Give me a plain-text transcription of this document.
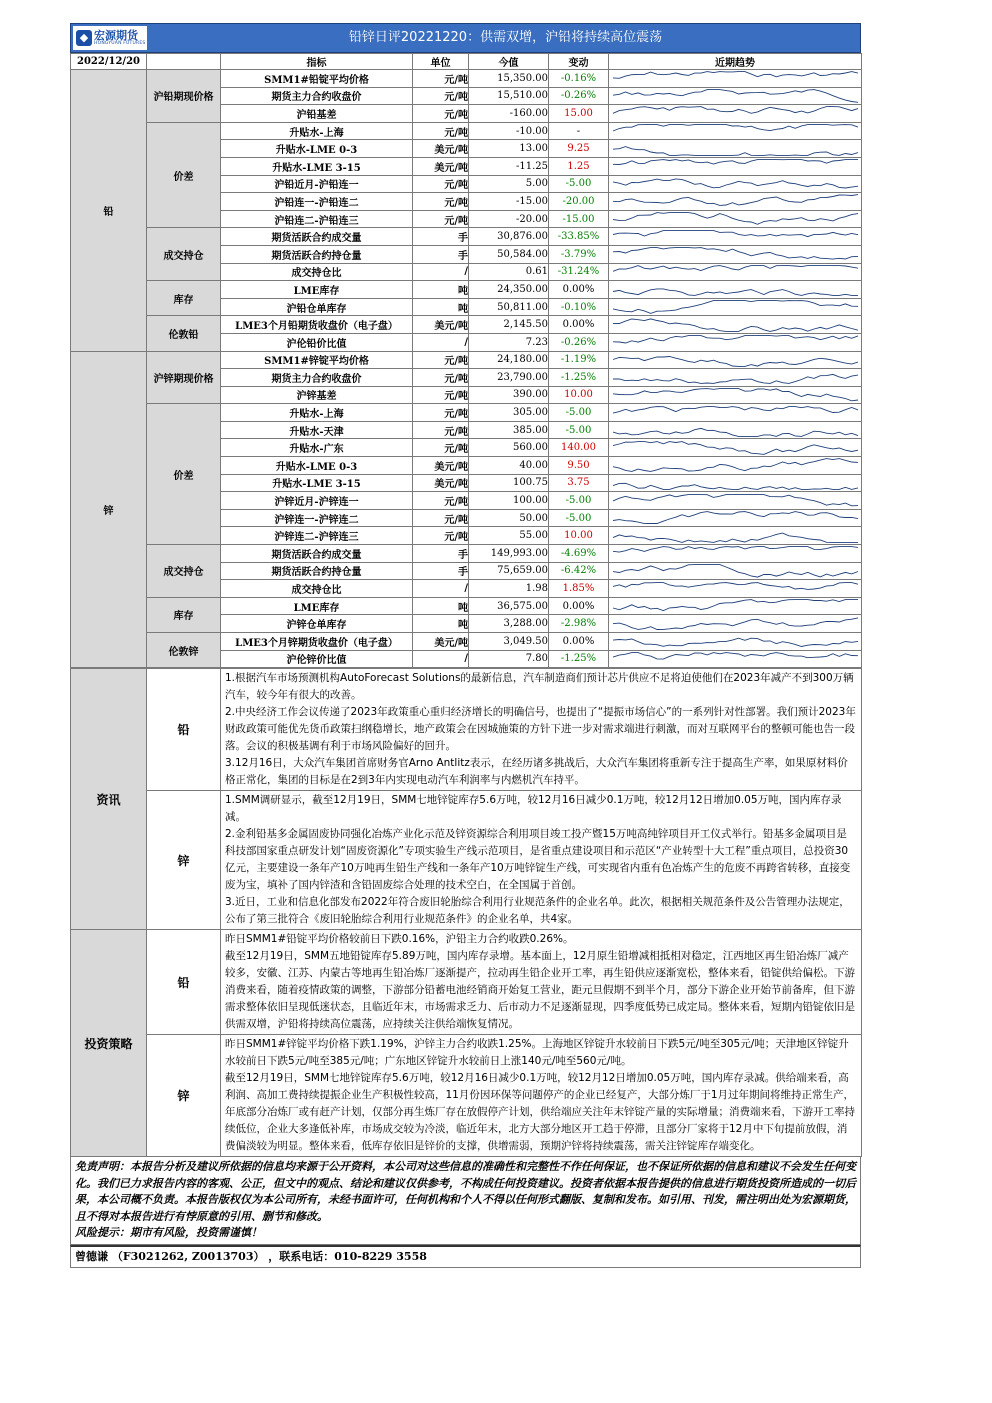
◆ 宏源期货
HONGYUAN FUTURES	铅锌日评20221220：供需双增，沪铅将持续高位震荡
2022/12/20		指标	单位	今值	变动	近期趋势
铅	沪铅期现价格	SMM1#铅锭平均价格	元/吨	15,350.00	-0.16%	

		期货主力合约收盘价	元/吨	15,510.00	-0.26%	

		沪铅基差	元/吨	-160.00	15.00	

	价差	升贴水-上海	元/吨	-10.00	-	

		升贴水-LME 0-3	美元/吨	13.00	9.25	

		升贴水-LME 3-15	美元/吨	-11.25	1.25	

		沪铅近月-沪铅连一	元/吨	5.00	-5.00	

		沪铅连一-沪铅连二	元/吨	-15.00	-20.00	

		沪铅连二-沪铅连三	元/吨	-20.00	-15.00	

	成交持仓	期货活跃合约成交量	手	30,876.00	-33.85%	

		期货活跃合约持仓量	手	50,584.00	-3.79%	

		成交持仓比	/	0.61	-31.24%	

	库存	LME库存	吨	24,350.00	0.00%	

		沪铅仓单库存	吨	50,811.00	-0.10%	

	伦敦铅	LME3个月铅期货收盘价（电子盘）	美元/吨	2,145.50	0.00%	

		沪伦铅价比值	/	7.23	-0.26%	

锌	沪锌期现价格	SMM1#锌锭平均价格	元/吨	24,180.00	-1.19%	

		期货主力合约收盘价	元/吨	23,790.00	-1.25%	

		沪锌基差	元/吨	390.00	10.00	

	价差	升贴水-上海	元/吨	305.00	-5.00	

		升贴水-天津	元/吨	385.00	-5.00	

		升贴水-广东	元/吨	560.00	140.00	

		升贴水-LME 0-3	美元/吨	40.00	9.50	

		升贴水-LME 3-15	美元/吨	100.75	3.75	

		沪锌近月-沪锌连一	元/吨	100.00	-5.00	

		沪锌连一-沪锌连二	元/吨	50.00	-5.00	

		沪锌连二-沪锌连三	元/吨	55.00	10.00	

	成交持仓	期货活跃合约成交量	手	149,993.00	-4.69%	

		期货活跃合约持仓量	手	75,659.00	-6.42%	

		成交持仓比	/	1.98	1.85%	

	库存	LME库存	吨	36,575.00	0.00%	

		沪锌仓单库存	吨	3,288.00	-2.98%	

	伦敦锌	LME3个月锌期货收盘价（电子盘）	美元/吨	3,049.50	0.00%	

		沪伦锌价比值	/	7.80	-1.25%	
资讯	铅	1.根据汽车市场预测机构AutoForecast Solutions的最新信息，汽车制造商们预计芯片供应不足将迫使他们在2023年减产不到300万辆汽车，较今年有很大的改善。

2.中央经济工作会议传递了2023年政策重心重归经济增长的明确信号，也提出了“提振市场信心”的一系列针对性部署。我们预计2023年财政政策可能优先货币政策扫纲稳增长，地产政策会在因城施策的方针下进一步对需求端进行刺激，而对互联网平台的整顿可能也告一段落。会议的积极基调有利于市场风险偏好的回升。

3.12月16日，大众汽车集团首席财务官Arno Antlitz表示，在经历诸多挑战后，大众汽车集团将重新专注于提高生产率，如果原材料价格正常化，集团的目标是在2到3年内实现电动汽车利润率与内燃机汽车持平。

	锌	1.SMM调研显示，截至12月19日，SMM七地锌锭库存5.6万吨，较12月16日减少0.1万吨，较12月12日增加0.05万吨，国内库存录减。

2.金利铅基多金属固废协同强化冶炼产业化示范及锌资源综合利用项目竣工投产暨15万吨高纯锌项目开工仪式举行。铅基多金属项目是科技部国家重点研发计划“固废资源化”专项实验生产线示范项目，是省重点建设项目和示范区“产业转型十大工程”重点项目，总投资30亿元，主要建设一条年产10万吨再生铅生产线和一条年产10万吨锌锭生产线，可实现省内重有色冶炼产生的危废不再跨省转移，直接变废为宝，填补了国内锌渣和含铅固废综合处理的技术空白，在全国属于首创。

3.近日，工业和信息化部发布2022年符合废旧轮胎综合利用行业规范条件的企业名单。此次，根据相关规范条件及公告管理办法规定，公布了第三批符合《废旧轮胎综合利用行业规范条件》的企业名单，共4家。

投资策略	铅	昨日SMM1#铅锭平均价格较前日下跌0.16%，沪铅主力合约收跌0.26%。

截至12月19日，SMM五地铅锭库存5.89万吨，国内库存录增。基本面上，12月原生铅增减相抵相对稳定，江西地区再生铅冶炼厂减产较多，安徽、江苏、内蒙古等地再生铅冶炼厂逐渐提产，拉动再生铅企业开工率，再生铅供应逐渐宽松，整体来看，铅锭供给偏松。下游消费来看，随着疫情政策的调整，下游部分铅蓄电池经销商开始复工营业，距元旦假期不到半个月，部分下游企业开始节前备库，但下游需求整体依旧呈现低迷状态，且临近年末，市场需求乏力、后市动力不足逐渐显现，四季度低势已成定局。整体来看，短期内铅锭依旧是供需双增，沪铅将持续高位震荡，应持续关注供给端恢复情况。

	锌	昨日SMM1#锌锭平均价格下跌1.19%，沪锌主力合约收跌1.25%。上海地区锌锭升水较前日下跌5元/吨至305元/吨；天津地区锌锭升水较前日下跌5元/吨至385元/吨；广东地区锌锭升水较前日上涨140元/吨至560元/吨。

截至12月19日，SMM七地锌锭库存5.6万吨，较12月16日减少0.1万吨，较12月12日增加0.05万吨，国内库存录减。供给端来看，高利润、高加工费持续提振企业生产积极性较高，11月份因环保等问题停产的企业已经复产，大部分炼厂于1月过年期间将维持正常生产，年底部分冶炼厂或有赶产计划，仅部分再生炼厂存在放假停产计划，供给端应关注年末锌锭产量的实际增量；消费端来看，下游开工率持续低位，企业大多逢低补库，市场成交较为冷淡，临近年末，北方大部分地区开工趋于停滞，且部分厂家将于12月中下旬提前放假，消费偏淡较为明显。整体来看，低库存依旧是锌价的支撑，供增需弱，预期沪锌将持续震荡，需关注锌锭库存端变化。

免责声明：本报告分析及建议所依据的信息均来源于公开资料，本公司对这些信息的准确性和完整性不作任何保证，也不保证所依据的信息和建议不会发生任何变化。我们已力求报告内容的客观、公正，但文中的观点、结论和建议仅供参考，不构成任何投资建议。投资者依据本报告提供的信息进行期货投资所造成的一切后果，本公司概不负责。本报告版权仅为本公司所有，未经书面许可，任何机构和个人不得以任何形式翻版、复制和发布。如引用、刊发，需注明出处为宏源期货，且不得对本报告进行有悖原意的引用、删节和修改。

风险提示：期市有风险，投资需谨慎！

曾德谦 （F3021262, Z0013703） ，联系电话：010-8229 3558
